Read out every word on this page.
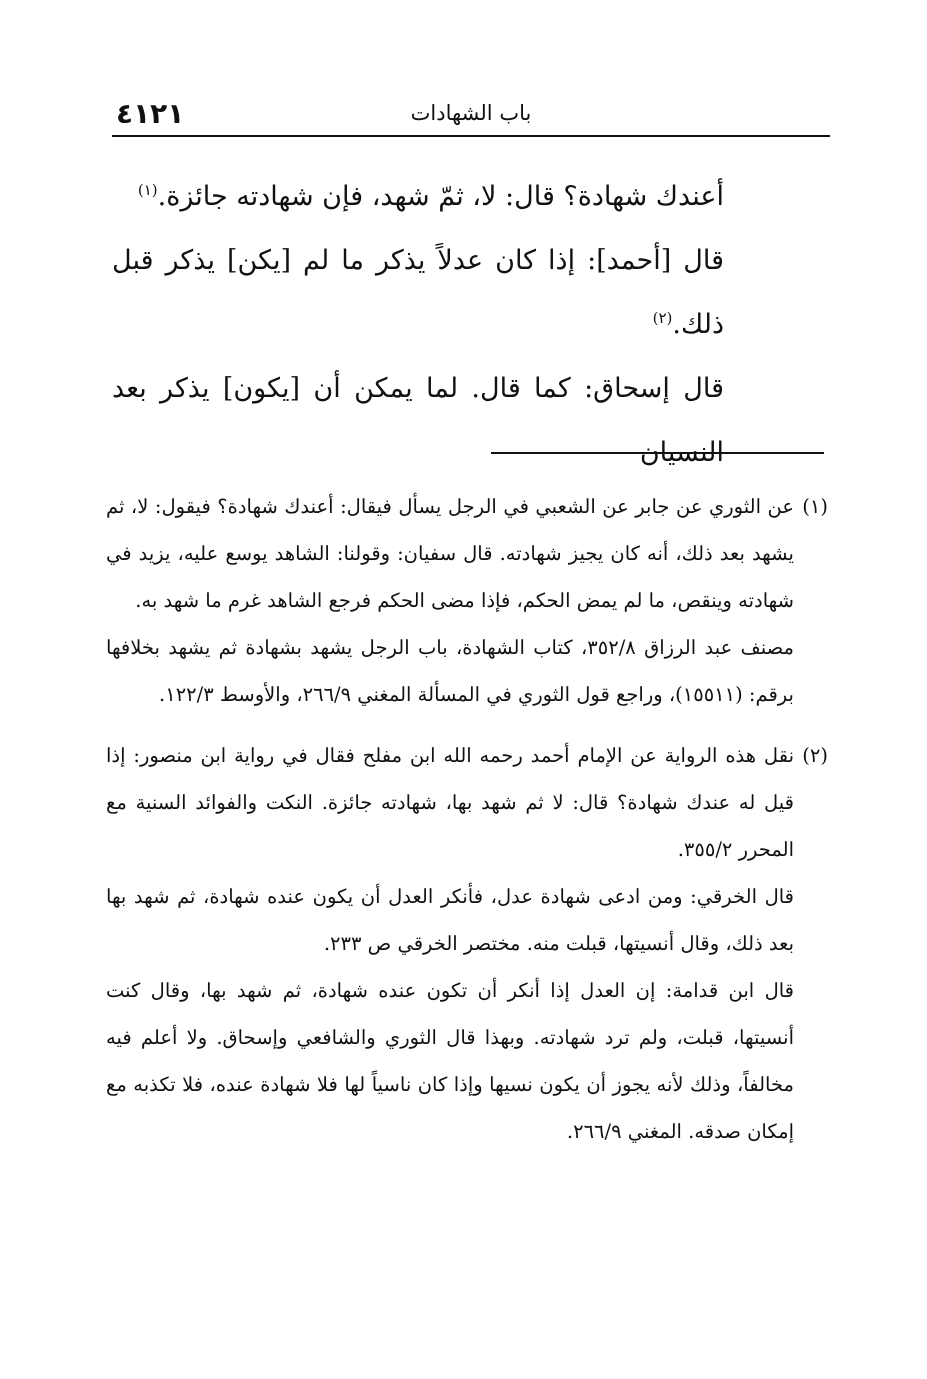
٤١٢١	باب الشهادات

أعندك شهادة؟ قال: لا، ثمّ شهد، فإن شهادته جائزة.$^{(١)}$

قال [أحمد]: إذا كان عدلاً يذكر ما لم [يكن] يذكر قبل ذلك.$^{(٢)}$

قال إسحاق: كما قال. لما يمكن أن [يكون] يذكر بعد النسيان

(١)

عن الثوري عن جابر عن الشعبي في الرجل يسأل فيقال: أعندك شهادة؟ فيقول: لا، ثم يشهد بعد ذلك، أنه كان يجيز شهادته. قال سفيان: وقولنا: الشاهد يوسع عليه، يزيد في شهادته وينقص، ما لم يمض الحكم، فإذا مضى الحكم فرجع الشاهد غرم ما شهد به.

مصنف عبد الرزاق ٣٥٢/٨، كتاب الشهادة، باب الرجل يشهد بشهادة ثم يشهد بخلافها برقم: (١٥٥١١)، وراجع قول الثوري في المسألة المغني ٢٦٦/٩، والأوسط ١٢٢/٣.

(٢)

نقل هذه الرواية عن الإمام أحمد رحمه الله ابن مفلح فقال في رواية ابن منصور: إذا قيل له عندك شهادة؟ قال: لا ثم شهد بها، شهادته جائزة. النكت والفوائد السنية مع المحرر ٣٥٥/٢.

قال الخرقي: ومن ادعى شهادة عدل، فأنكر العدل أن يكون عنده شهادة، ثم شهد بها بعد ذلك، وقال أنسيتها، قبلت منه. مختصر الخرقي ص ٢٣٣.

قال ابن قدامة: إن العدل إذا أنكر أن تكون عنده شهادة، ثم شهد بها، وقال كنت أنسيتها، قبلت، ولم ترد شهادته. وبهذا قال الثوري والشافعي وإسحاق. ولا أعلم فيه مخالفاً، وذلك لأنه يجوز أن يكون نسيها وإذا كان ناسياً لها فلا شهادة عنده، فلا تكذبه مع إمكان صدقه. المغني ٢٦٦/٩.
